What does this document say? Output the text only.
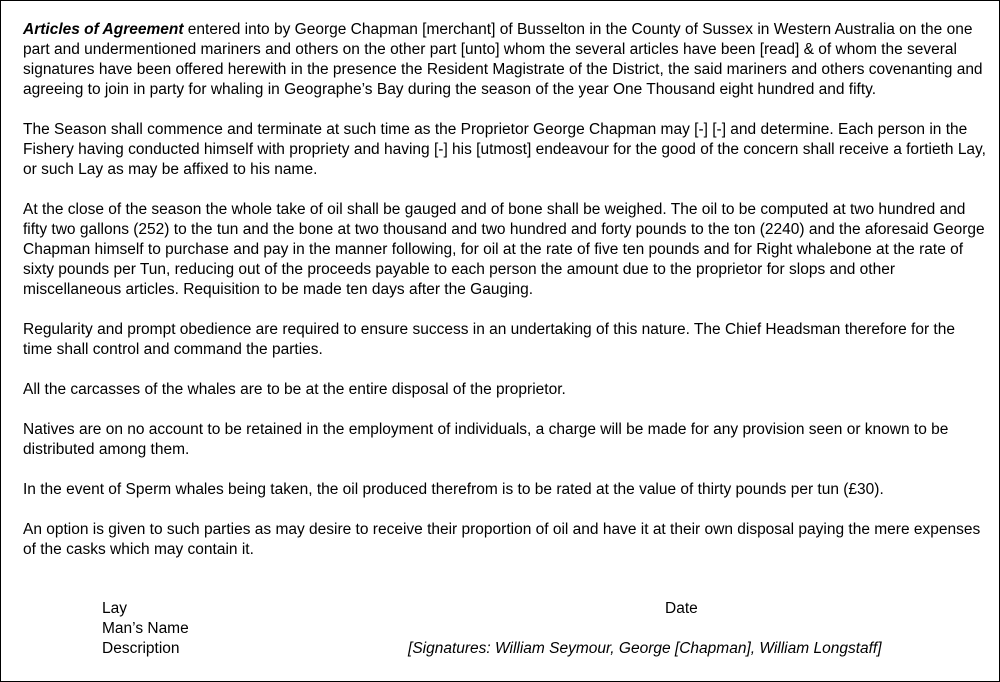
Articles of Agreement entered into by George Chapman [merchant] of Busselton in the County of Sussex in Western Australia on the one part and undermentioned mariners and others on the other part [unto] whom the several articles have been [read] & of whom the several signatures have been offered herewith in the presence the Resident Magistrate of the District, the said mariners and others covenanting and agreeing to join in party for whaling in Geographe’s Bay during the season of the year One Thousand eight hundred and fifty.

The Season shall commence and terminate at such time as the Proprietor George Chapman may [-] [-] and determine. Each person in the Fishery having conducted himself with propriety and having [-] his [utmost] endeavour for the good of the concern shall receive a fortieth Lay, or such Lay as may be affixed to his name.

At the close of the season the whole take of oil shall be gauged and of bone shall be weighed. The oil to be computed at two hundred and fifty two gallons (252) to the tun and the bone at two thousand and two hundred and forty pounds to the ton (2240) and the aforesaid George Chapman himself to purchase and pay in the manner following, for oil at the rate of five ten pounds and for Right whalebone at the rate of sixty pounds per Tun, reducing out of the proceeds payable to each person the amount due to the proprietor for slops and other miscellaneous articles. Requisition to be made ten days after the Gauging.

Regularity and prompt obedience are required to ensure success in an undertaking of this nature. The Chief Headsman therefore for the time shall control and command the parties.

All the carcasses of the whales are to be at the entire disposal of the proprietor.

Natives are on no account to be retained in the employment of individuals, a charge will be made for any provision seen or known to be distributed among them.

In the event of Sperm whales being taken, the oil produced therefrom is to be rated at the value of thirty pounds per tun (£30).

An option is given to such parties as may desire to receive their proportion of oil and have it at their own disposal paying the mere expenses of the casks which may contain it.

Lay
Man’s Name
Description
Date
[Signatures: William Seymour, George [Chapman], William Longstaff]
